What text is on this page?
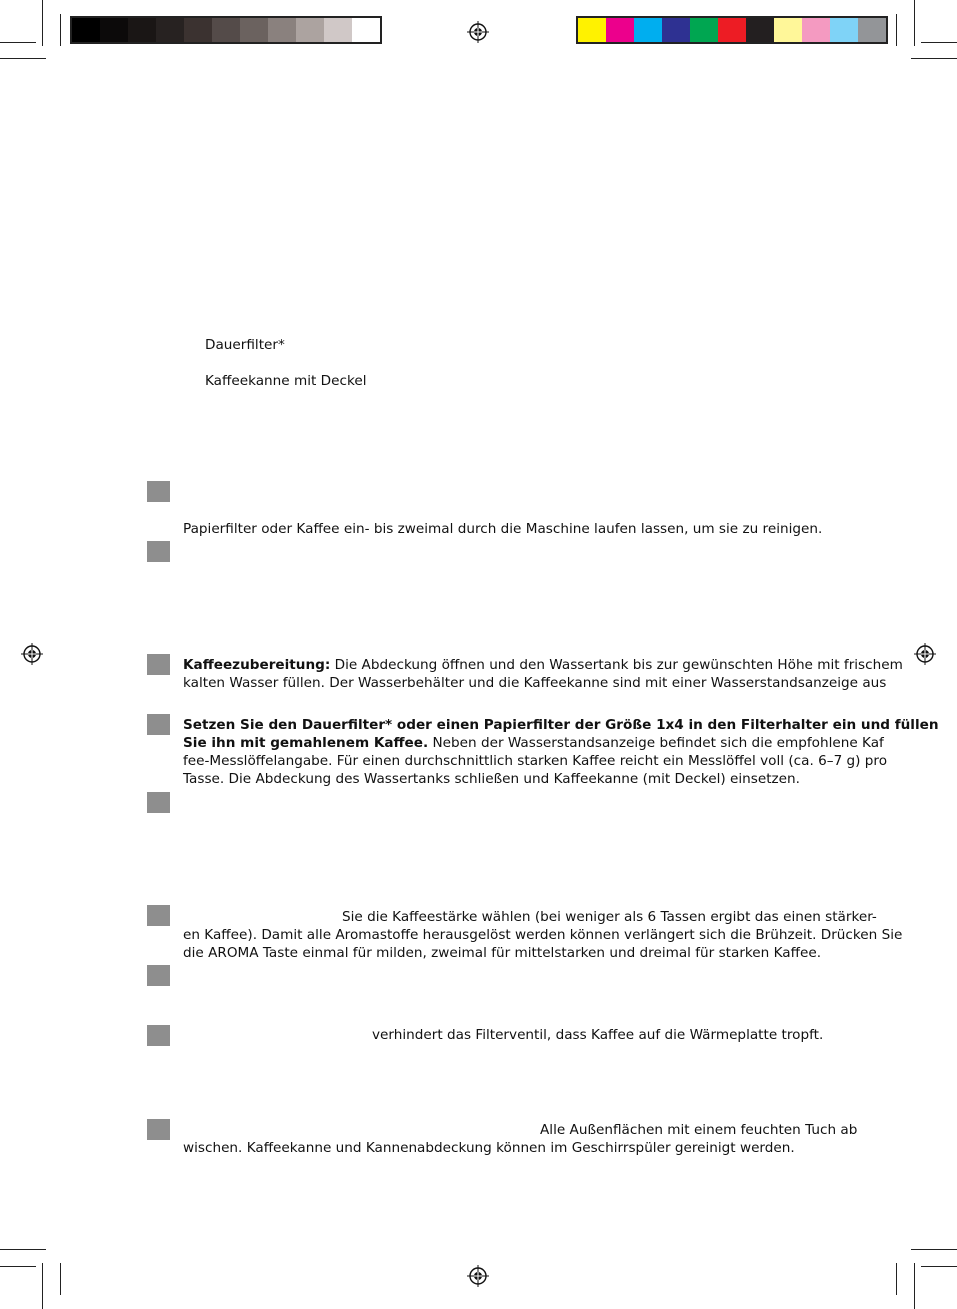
Dauerfilter*
Kaffeekanne mit Deckel
Papierfilter oder Kaffee ein- bis zweimal durch die Maschine laufen lassen, um sie zu reinigen.
Kaffeezubereitung: Die Abdeckung öffnen und den Wassertank bis zur gewünschten Höhe mit frischem
kalten Wasser füllen. Der Wasserbehälter und die Kaffeekanne sind mit einer Wasserstandsanzeige aus
Setzen Sie den Dauerfilter* oder einen Papierfilter der Größe 1x4 in den Filterhalter ein und füllen
Sie ihn mit gemahlenem Kaffee. Neben der Wasserstandsanzeige befindet sich die empfohlene Kaf
fee-Messlöffelangabe. Für einen durchschnittlich starken Kaffee reicht ein Messlöffel voll (ca. 6–7 g) pro
Tasse. Die Abdeckung des Wassertanks schließen und Kaffeekanne (mit Deckel) einsetzen.
Sie die Kaffeestärke wählen (bei weniger als 6 Tassen ergibt das einen stärker-
en Kaffee). Damit alle Aromastoffe herausgelöst werden können verlängert sich die Brühzeit. Drücken Sie
die AROMA Taste einmal für milden, zweimal für mittelstarken und dreimal für starken Kaffee.
verhindert das Filterventil, dass Kaffee auf die Wärmeplatte tropft.
Alle Außenflächen mit einem feuchten Tuch ab
wischen. Kaffeekanne und Kannenabdeckung können im Geschirrspüler gereinigt werden.
